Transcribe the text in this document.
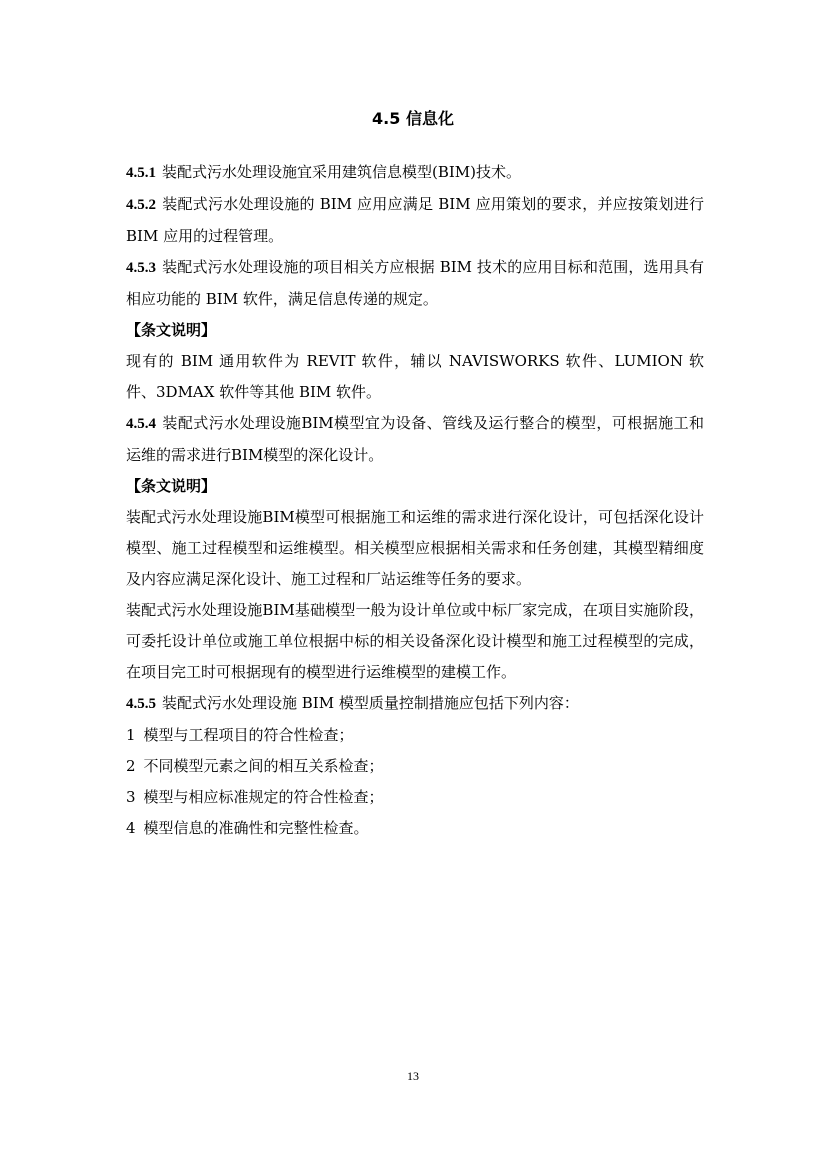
4.5 信息化

4.5.1 装配式污水处理设施宜采用建筑信息模型(BIM)技术。

4.5.2 装配式污水处理设施的 BIM 应用应满足 BIM 应用策划的要求，并应按策划进行 BIM 应用的过程管理。

4.5.3 装配式污水处理设施的项目相关方应根据 BIM 技术的应用目标和范围，选用具有相应功能的 BIM 软件，满足信息传递的规定。

【条文说明】

现有的 BIM 通用软件为 REVIT 软件，辅以 NAVISWORKS 软件、LUMION 软件、3DMAX 软件等其他 BIM 软件。

4.5.4 装配式污水处理设施BIM模型宜为设备、管线及运行整合的模型，可根据施工和运维的需求进行BIM模型的深化设计。

【条文说明】

装配式污水处理设施BIM模型可根据施工和运维的需求进行深化设计，可包括深化设计模型、施工过程模型和运维模型。相关模型应根据相关需求和任务创建，其模型精细度及内容应满足深化设计、施工过程和厂站运维等任务的要求。

装配式污水处理设施BIM基础模型一般为设计单位或中标厂家完成，在项目实施阶段，可委托设计单位或施工单位根据中标的相关设备深化设计模型和施工过程模型的完成，在项目完工时可根据现有的模型进行运维模型的建模工作。

4.5.5 装配式污水处理设施 BIM 模型质量控制措施应包括下列内容：

1 模型与工程项目的符合性检查；

2 不同模型元素之间的相互关系检查；

3 模型与相应标准规定的符合性检查；

4 模型信息的准确性和完整性检查。

13
